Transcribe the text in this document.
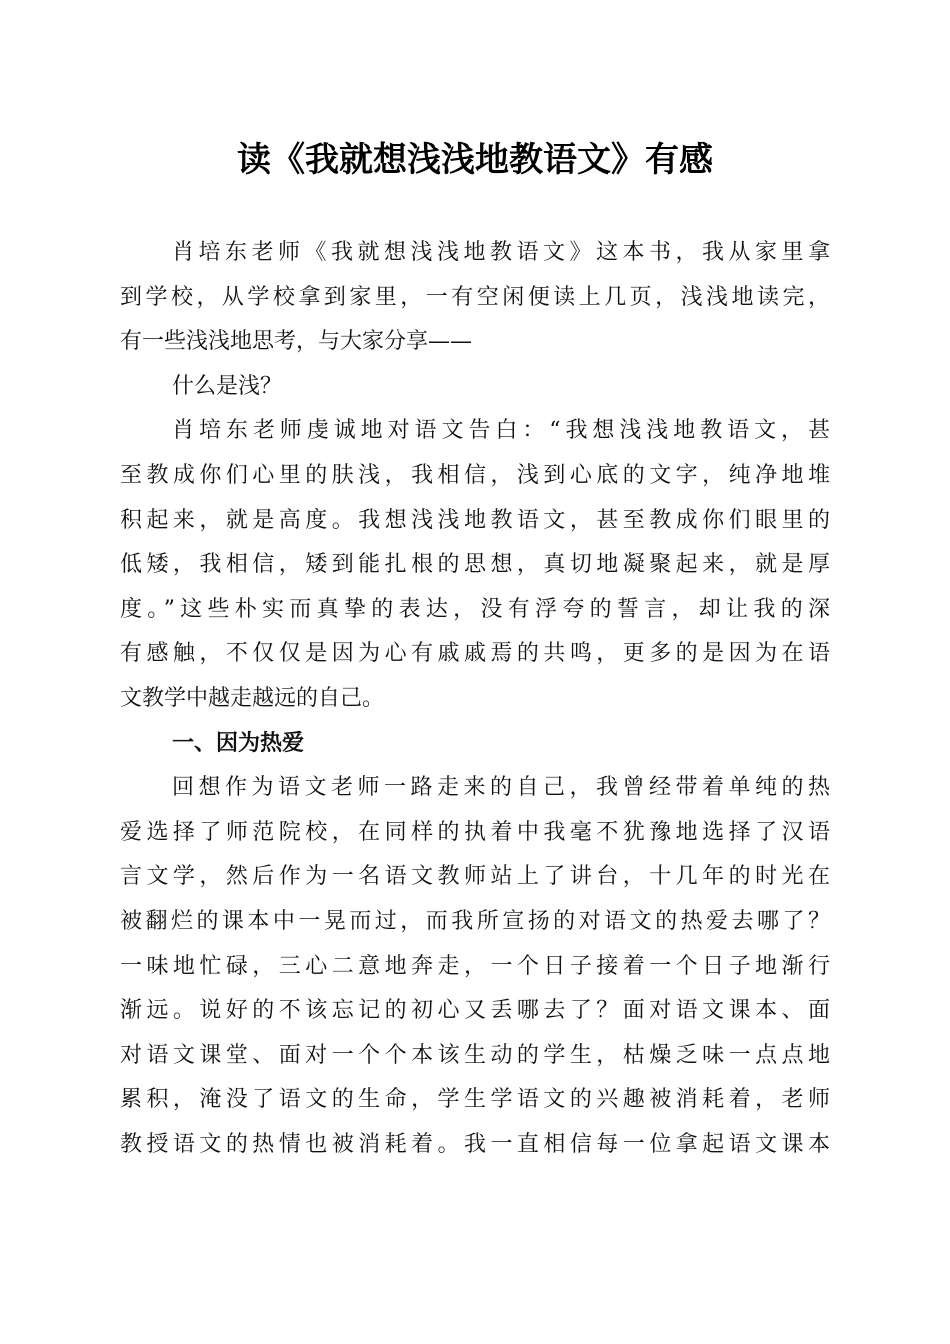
读《我就想浅浅地教语文》有感
肖培东老师《我就想浅浅地教语文》这本书，我从家里拿
到学校，从学校拿到家里，一有空闲便读上几页，浅浅地读完，
有一些浅浅地思考，与大家分享——
什么是浅？
肖培东老师虔诚地对语文告白：“我想浅浅地教语文，甚
至教成你们心里的肤浅，我相信，浅到心底的文字，纯净地堆
积起来，就是高度。我想浅浅地教语文，甚至教成你们眼里的
低矮，我相信，矮到能扎根的思想，真切地凝聚起来，就是厚
度。”这些朴实而真挚的表达，没有浮夸的誓言，却让我的深
有感触，不仅仅是因为心有戚戚焉的共鸣，更多的是因为在语
文教学中越走越远的自己。
一、因为热爱
回想作为语文老师一路走来的自己，我曾经带着单纯的热
爱选择了师范院校，在同样的执着中我毫不犹豫地选择了汉语
言文学，然后作为一名语文教师站上了讲台，十几年的时光在
被翻烂的课本中一晃而过，而我所宣扬的对语文的热爱去哪了？
一味地忙碌，三心二意地奔走，一个日子接着一个日子地渐行
渐远。说好的不该忘记的初心又丢哪去了？面对语文课本、面
对语文课堂、面对一个个本该生动的学生，枯燥乏味一点点地
累积，淹没了语文的生命，学生学语文的兴趣被消耗着，老师
教授语文的热情也被消耗着。我一直相信每一位拿起语文课本
